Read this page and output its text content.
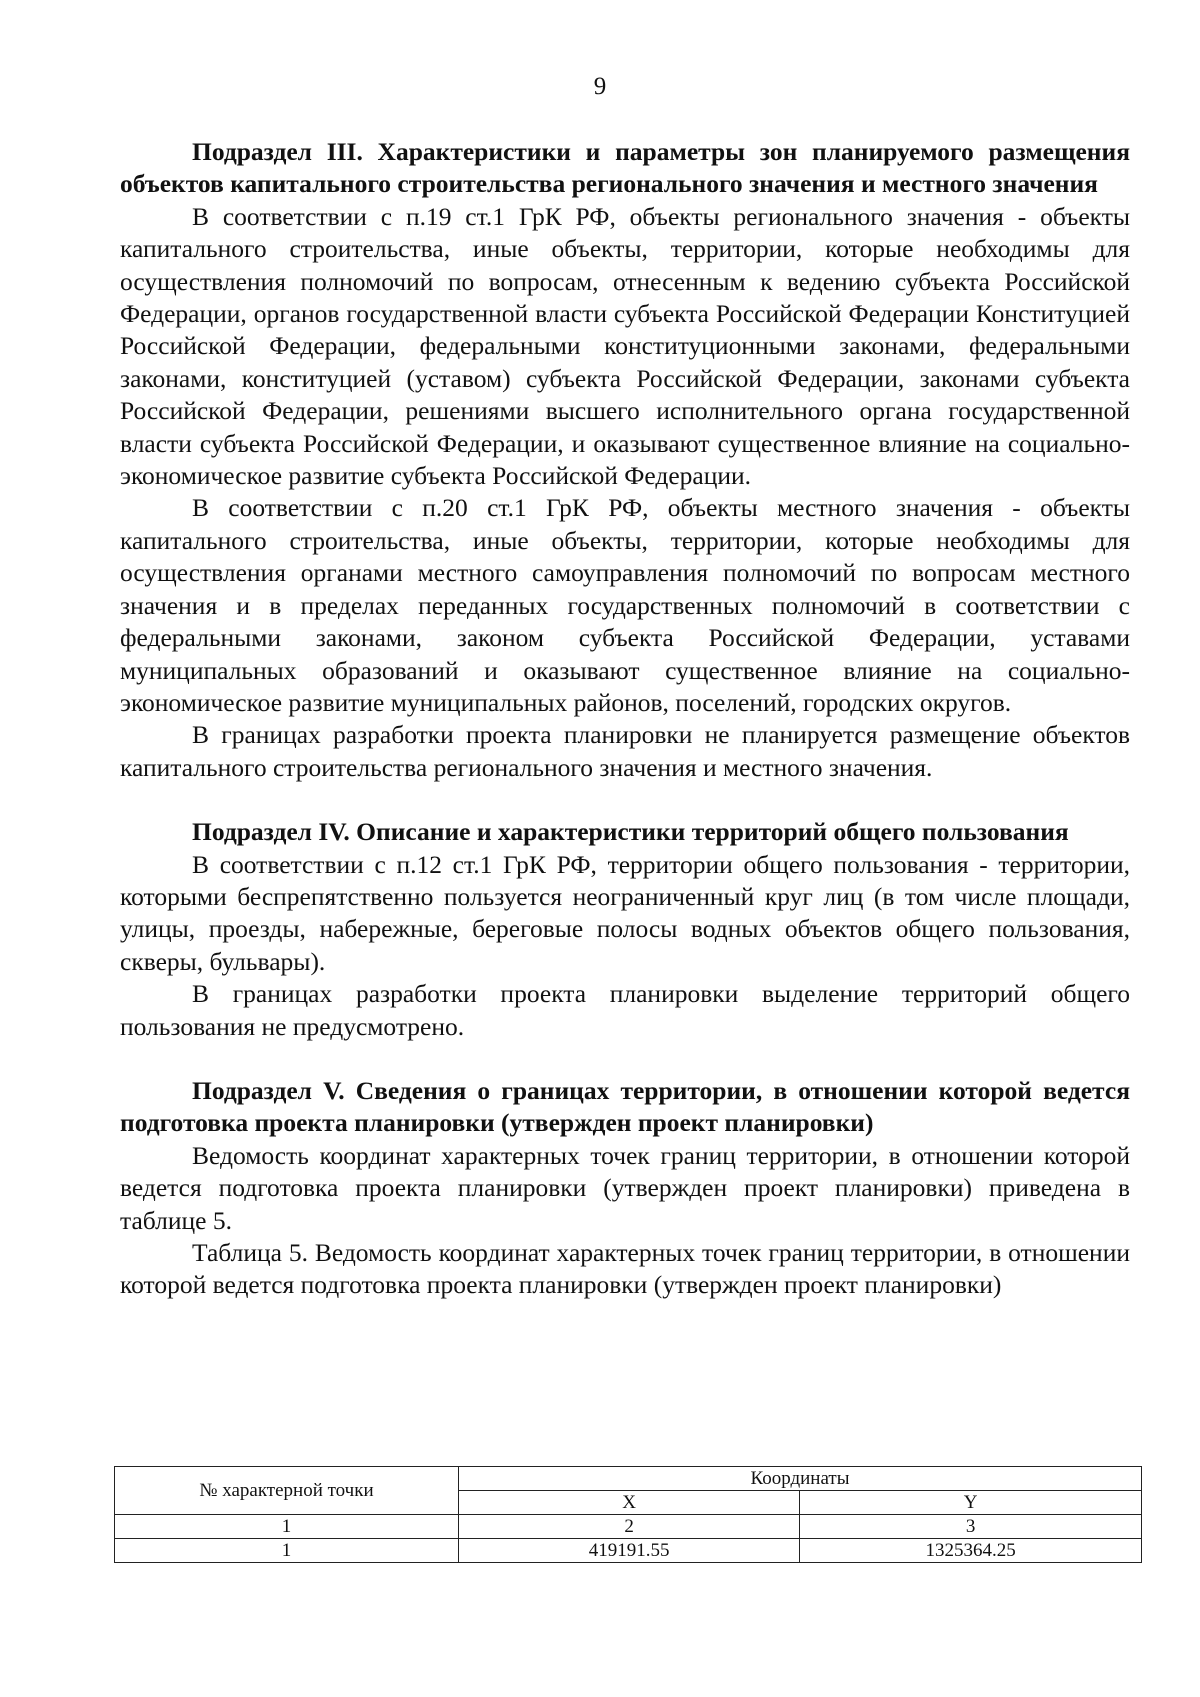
9
Подраздел III. Характеристики и параметры зон планируемого размещения объектов капитального строительства регионального значения и местного значения

В соответствии с п.19 ст.1 ГрК РФ, объекты регионального значения - объекты капитального строительства, иные объекты, территории, которые необходимы для осуществления полномочий по вопросам, отнесенным к ведению субъекта Российской Федерации, органов государственной власти субъекта Российской Федерации Конституцией Российской Федерации, федеральными конституционными законами, федеральными законами, конституцией (уставом) субъекта Российской Федерации, законами субъекта Российской Федерации, решениями высшего исполнительного органа государственной власти субъекта Российской Федерации, и оказывают существенное влияние на социально-экономическое развитие субъекта Российской Федерации.

В соответствии с п.20 ст.1 ГрК РФ, объекты местного значения - объекты капитального строительства, иные объекты, территории, которые необходимы для осуществления органами местного самоуправления полномочий по вопросам местного значения и в пределах переданных государственных полномочий в соответствии с федеральными законами, законом субъекта Российской Федерации, уставами муниципальных образований и оказывают существенное влияние на социально-экономическое развитие муниципальных районов, поселений, городских округов.

В границах разработки проекта планировки не планируется размещение объектов капитального строительства регионального значения и местного значения.

Подраздел IV. Описание и характеристики территорий общего пользования

В соответствии с п.12 ст.1 ГрК РФ, территории общего пользования - территории, которыми беспрепятственно пользуется неограниченный круг лиц (в том числе площади, улицы, проезды, набережные, береговые полосы водных объектов общего пользования, скверы, бульвары).

В границах разработки проекта планировки выделение территорий общего пользования не предусмотрено.

Подраздел V. Сведения о границах территории, в отношении которой ведется подготовка проекта планировки (утвержден проект планировки)

Ведомость координат характерных точек границ территории, в отношении которой ведется подготовка проекта планировки (утвержден проект планировки) приведена в таблице 5.

Таблица 5. Ведомость координат характерных точек границ территории, в отношении которой ведется подготовка проекта планировки (утвержден проект планировки)

№ характерной точки	Координаты	
	X	Y
1	2	3
1	419191.55	1325364.25
